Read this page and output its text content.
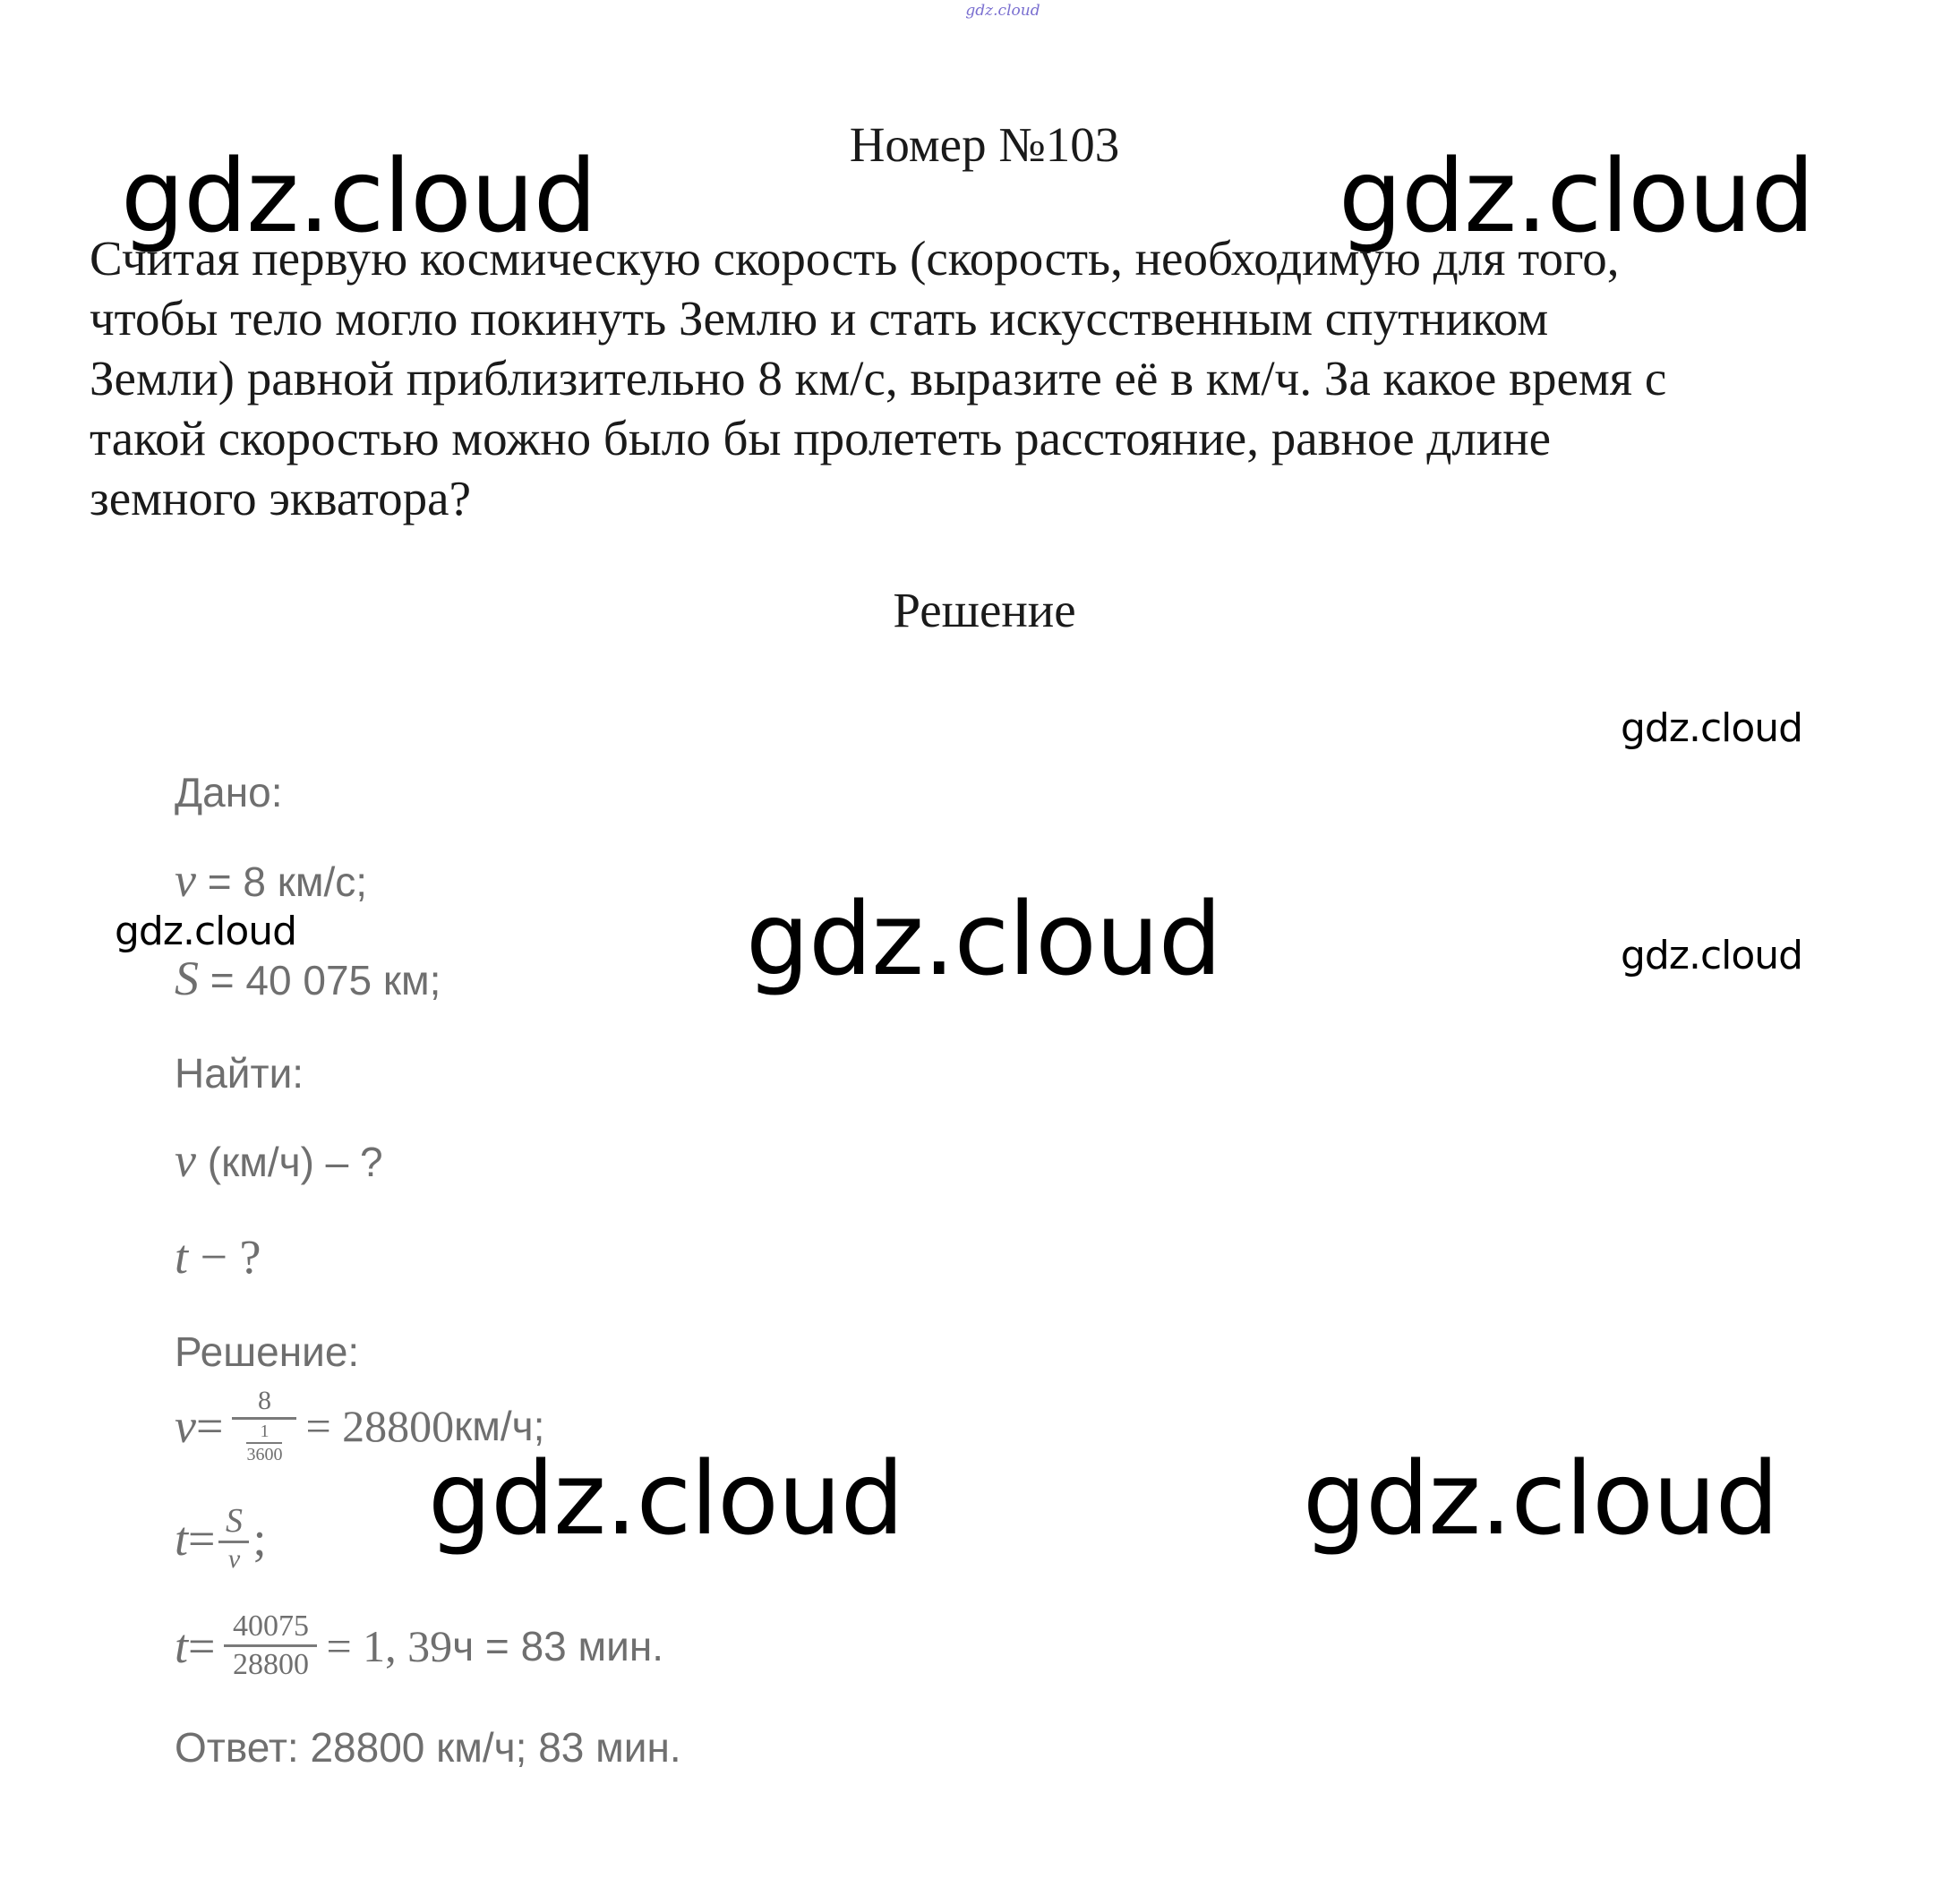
gdz.cloud
Номер №103
Считая первую космическую скорость (скорость, необходимую для того,
чтобы тело могло покинуть Землю и стать искусственным спутником
Земли) равной приблизительно 8 км/с, выразите её в км/ч. За какое время с
такой скоростью можно было бы пролететь расстояние, равное длине
земного экватора?
Решение
Дано:
v = 8 км/с;
S = 40 075 км;
Найти:
v (км/ч) – ?
t − ?
Решение:
$v = \frac{8}{\frac{1}{3600}} = 28800$ км/ч;
$t = \frac{S}{v}$ ;
$t = \frac{40075}{28800} = 1$, 39 ч = 83 мин.
Ответ: 28800 км/ч; 83 мин.
gdz.cloud	gdz.cloud
gdz.cloud
gdz.cloud	gdz.cloud	gdz.cloud
gdz.cloud	gdz.cloud
